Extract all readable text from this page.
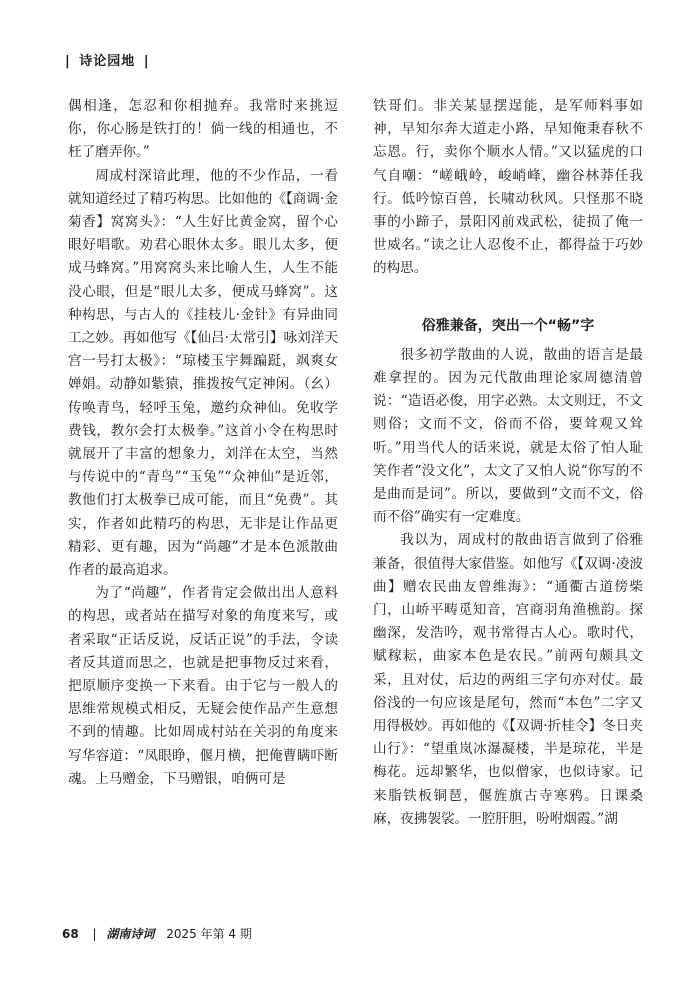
| 诗论园地 |

偶相逢，怎忍和你相抛弃。我常时来挑逗你，你心肠是铁打的！倘一线的相通也，不枉了磨弄你。”

周成村深谙此理，他的不少作品，一看就知道经过了精巧构思。比如他的《【商调·金菊香】窝窝头》：“人生好比黄金窝，留个心眼好唱歌。劝君心眼休太多。眼儿太多，便成马蜂窝。”用窝窝头来比喻人生，人生不能没心眼，但是“眼儿太多，便成马蜂窝”。这种构思，与古人的《挂枝儿·金针》有异曲同工之妙。再如他写《【仙吕·太常引】咏刘洋天宫一号打太极》：“琼楼玉宇舞蹁跹，飒爽女婵娟。动静如紫猿，推拨按气定神闲。（幺）传唤青鸟，轻呼玉兔，邀约众神仙。免收学费钱，教尔会打太极拳。”这首小令在构思时就展开了丰富的想象力，刘洋在太空，当然与传说中的“青鸟”“玉兔”“众神仙”是近邻，教他们打太极拳已成可能，而且“免费”。其实，作者如此精巧的构思，无非是让作品更精彩、更有趣，因为“尚趣”才是本色派散曲作者的最高追求。

为了“尚趣”，作者肯定会做出出人意料的构思，或者站在描写对象的角度来写，或者采取“正话反说，反话正说”的手法，令读者反其道而思之，也就是把事物反过来看，把原顺序变换一下来看。由于它与一般人的思维常规模式相反，无疑会使作品产生意想不到的情趣。比如周成村站在关羽的角度来写华容道：“凤眼睁，偃月横，把俺曹瞒吓断魂。上马赠金，下马赠银，咱俩可是

铁哥们。非关某显摆逞能，是军师料事如神，早知尔奔大道走小路，早知俺秉春秋不忘恩。行，卖你个顺水人情。”又以猛虎的口气自嘲：“嵯峨岭，峻峭峰，幽谷林莽任我行。低吟惊百兽，长啸动秋风。只怪那不晓事的小蹄子，景阳冈前戏武松，徒损了俺一世威名。”读之让人忍俊不止，都得益于巧妙的构思。

俗雅兼备，突出一个“畅”字

很多初学散曲的人说，散曲的语言是最难拿捏的。因为元代散曲理论家周德清曾说：“造语必俊，用字必熟。太文则迂，不文则俗；文而不文，俗而不俗，要耸观又耸听。”用当代人的话来说，就是太俗了怕人耻笑作者“没文化”，太文了又怕人说“你写的不是曲而是词”。所以，要做到“文而不文，俗而不俗”确实有一定难度。

我以为，周成村的散曲语言做到了俗雅兼备，很值得大家借鉴。如他写《【双调·凌波曲】赠农民曲友曾维海》：“通衢古道傍柴门，山峤平畴觅知音，宫商羽角渔樵韵。探幽深，发浩吟，观书常得古人心。歌时代，赋稼耘，曲家本色是农民。”前两句颇具文采，且对仗，后边的两组三字句亦对仗。最俗浅的一句应该是尾句，然而“本色”二字又用得极妙。再如他的《【双调·折桂令】冬日夹山行》：“望重岚冰瀑凝楼，半是琼花，半是梅花。远却繁华，也似僧家，也似诗家。记来脂铁板铜琶，偃旌旗古寺寒鸦。日课桑麻，夜拂袈裟。一腔肝胆，吩咐烟霞。”湖

68 | 湖南诗词 2025 年第 4 期
